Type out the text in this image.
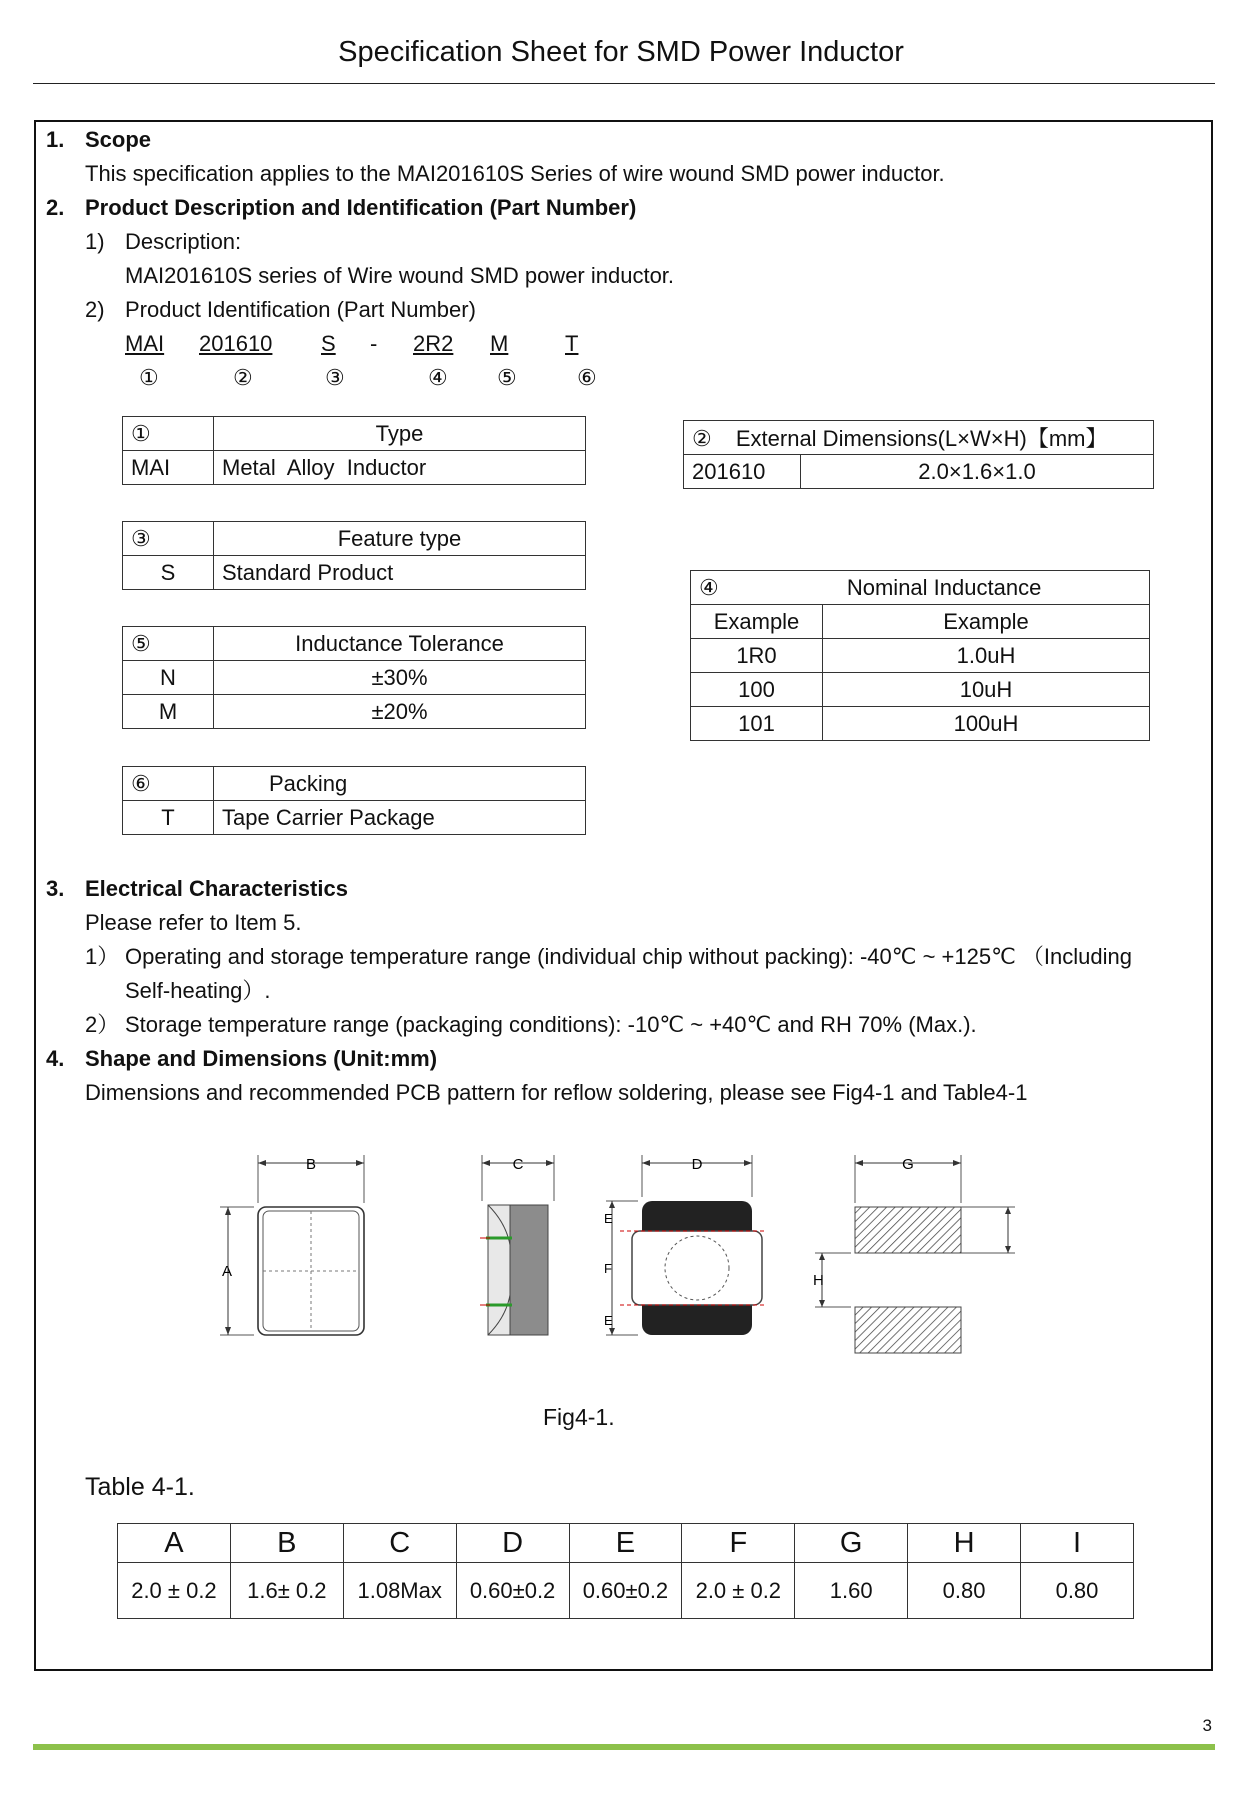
Specification Sheet for SMD Power Inductor
1. Scope
This specification applies to the MAI201610S Series of wire wound SMD power inductor.
2. Product Description and Identification (Part Number)
1) Description:
MAI201610S series of Wire wound SMD power inductor.
2) Product Identification (Part Number)
MAI 201610 S - 2R2 M	T
①	②	③	④ ⑤	⑥
①	Type
MAI	Metal  Alloy  Inductor
③	Feature type
S	Standard Product
⑤	Inductance Tolerance
N	±30%
M	±20%
⑥	Packing
T	Tape Carrier Package
② External Dimensions(L×W×H)【mm】
201610	2.0×1.6×1.0
④ Nominal Inductance	
Example	Example
1R0	1.0uH
100	10uH
101	100uH
3. Electrical Characteristics
Please refer to Item 5.
1） Operating and storage temperature range (individual chip without packing): -40℃ ~ +125℃ （Including
Self-heating）.
2） Storage temperature range (packaging conditions): -10℃ ~ +40℃ and RH 70% (Max.).
4. Shape and Dimensions (Unit:mm)
Dimensions and recommended PCB pattern for reflow soldering, please see Fig4-1 and Table4-1
B
A
C	D
E
F
E
G
H
Fig4-1.
Table 4-1.
A	B	C	D	E	F	G	H	I
2.0 ± 0.2	1.6± 0.2	1.08Max	0.60±0.2	0.60±0.2	2.0 ± 0.2	1.60	0.80	0.80
3
